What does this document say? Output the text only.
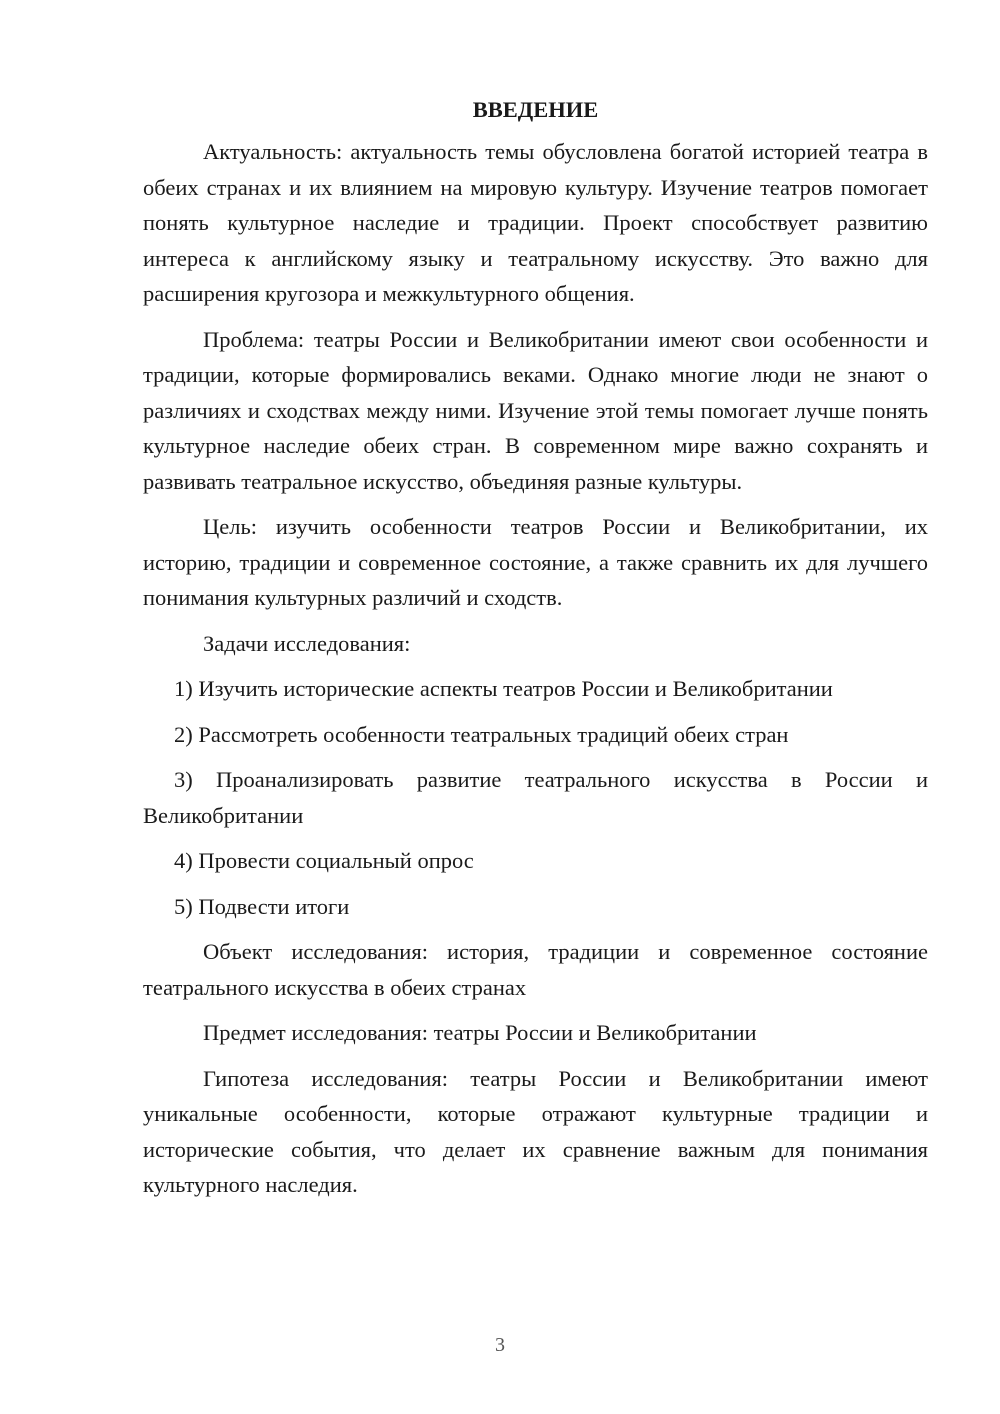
ВВЕДЕНИЕ

Актуальность: актуальность темы обусловлена богатой историей театра в обеих странах и их влиянием на мировую культуру. Изучение театров помогает понять культурное наследие и традиции. Проект способствует развитию интереса к английскому языку и театральному искусству. Это важно для расширения кругозора и межкультурного общения.

Проблема: театры России и Великобритании имеют свои особенности и традиции, которые формировались веками. Однако многие люди не знают о различиях и сходствах между ними. Изучение этой темы помогает лучше понять культурное наследие обеих стран. В современном мире важно сохранять и развивать театральное искусство, объединяя разные культуры.

Цель: изучить особенности театров России и Великобритании, их историю, традиции и современное состояние, а также сравнить их для лучшего понимания культурных различий и сходств.

Задачи исследования:

1) Изучить исторические аспекты театров России и Великобритании

2) Рассмотреть особенности театральных традиций обеих стран

3) Проанализировать развитие театрального искусства в России и Великобритании

4) Провести социальный опрос

5) Подвести итоги

Объект исследования: история, традиции и современное состояние театрального искусства в обеих странах

Предмет исследования: театры России и Великобритании

Гипотеза исследования: театры России и Великобритании имеют уникальные особенности, которые отражают культурные традиции и исторические события, что делает их сравнение важным для понимания культурного наследия.

3
